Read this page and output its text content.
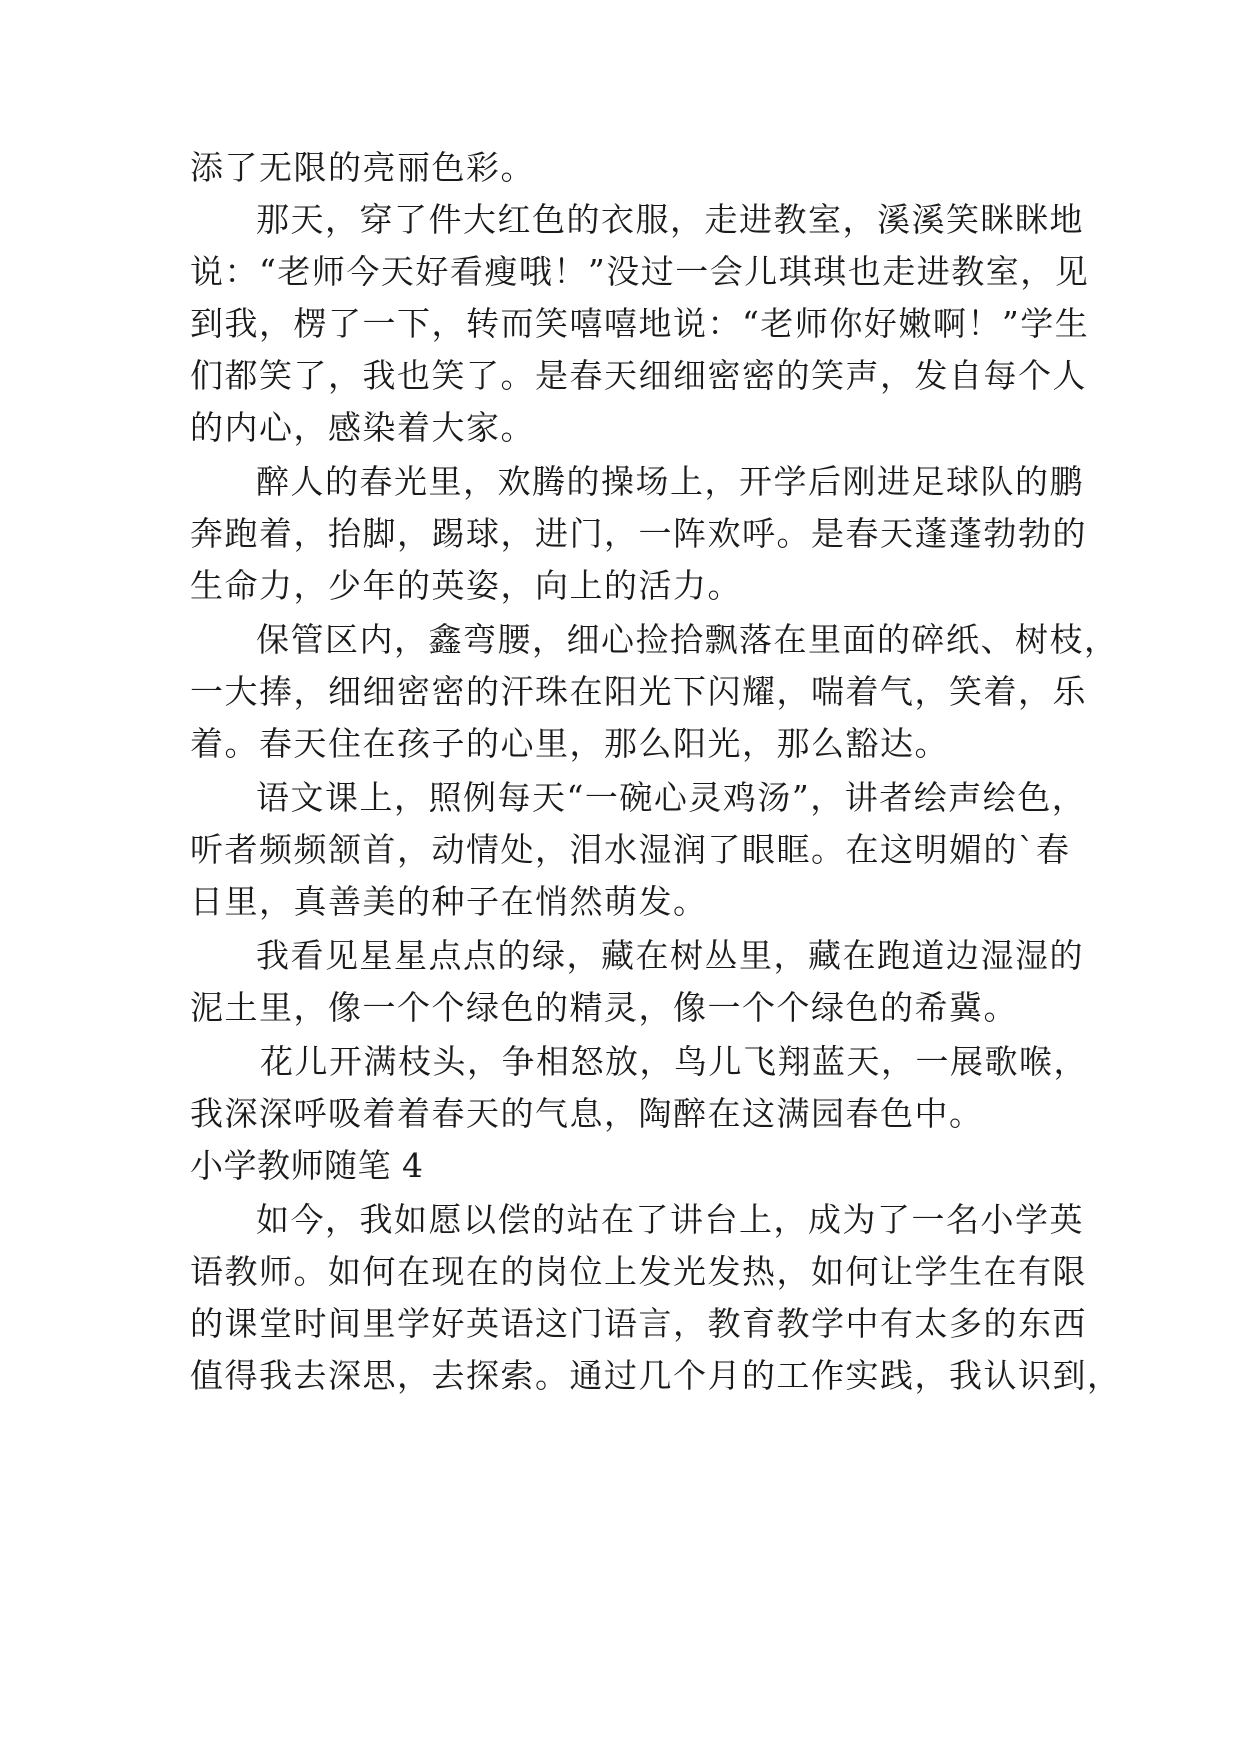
添了无限的亮丽色彩。
那天，穿了件大红色的衣服，走进教室，溪溪笑眯眯地
说：“老师今天好看瘦哦！”没过一会儿琪琪也走进教室，见
到我，楞了一下，转而笑嘻嘻地说：“老师你好嫩啊！”学生
们都笑了，我也笑了。是春天细细密密的笑声，发自每个人
的内心，感染着大家。
醉人的春光里，欢腾的操场上，开学后刚进足球队的鹏
奔跑着，抬脚，踢球，进门，一阵欢呼。是春天蓬蓬勃勃的
生命力，少年的英姿，向上的活力。
保管区内，鑫弯腰，细心捡拾飘落在里面的碎纸、树枝，
一大捧，细细密密的汗珠在阳光下闪耀，喘着气，笑着，乐
着。春天住在孩子的心里，那么阳光，那么豁达。
语文课上，照例每天“一碗心灵鸡汤”，讲者绘声绘色，
听者频频颔首，动情处，泪水湿润了眼眶。在这明媚的`春
日里，真善美的种子在悄然萌发。
我看见星星点点的绿，藏在树丛里，藏在跑道边湿湿的
泥土里，像一个个绿色的精灵，像一个个绿色的希冀。
花儿开满枝头，争相怒放，鸟儿飞翔蓝天，一展歌喉，
我深深呼吸着着春天的气息，陶醉在这满园春色中。
小学教师随笔 4
如今，我如愿以偿的站在了讲台上，成为了一名小学英
语教师。如何在现在的岗位上发光发热，如何让学生在有限
的课堂时间里学好英语这门语言，教育教学中有太多的东西
值得我去深思，去探索。通过几个月的工作实践，我认识到，
